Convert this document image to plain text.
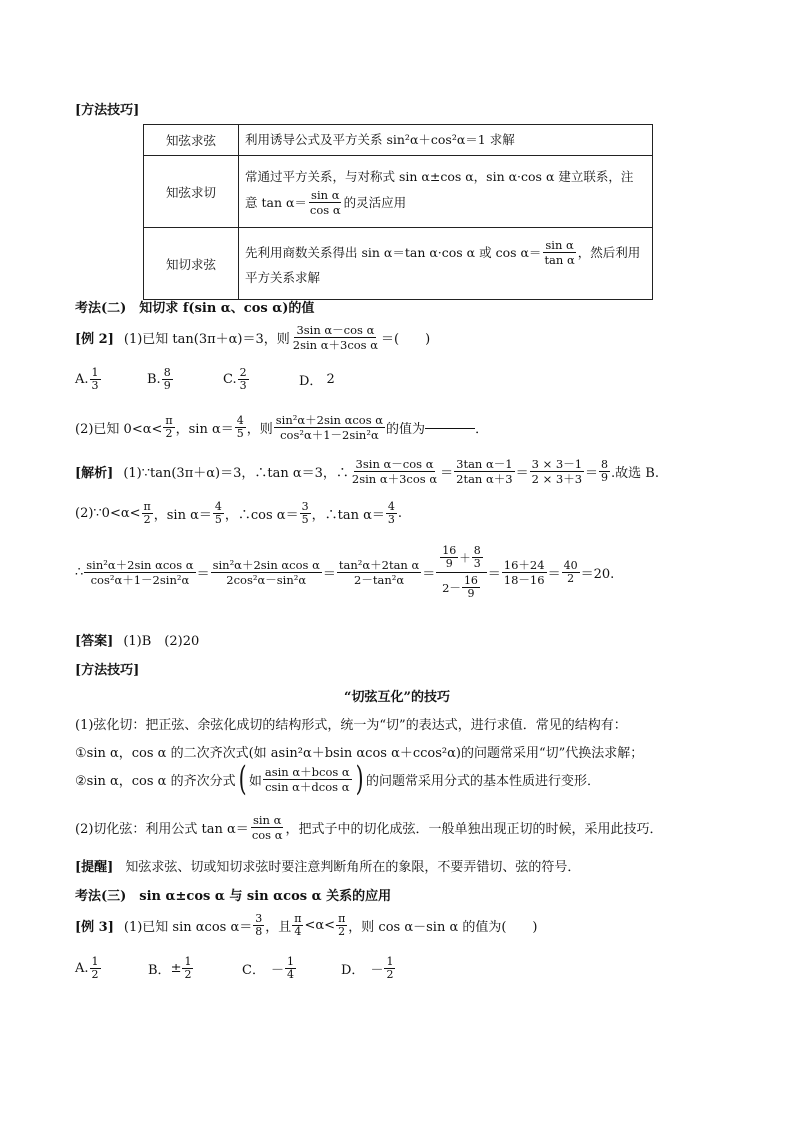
[方法技巧]
知弦求弦	利用诱导公式及平方关系 sin²α＋cos²α＝1 求解
知弦求切	常通过平方关系，与对称式 sin α±cos α，sin α·cos α 建立联系，注
意 $\tan \alpha= \frac{\text{sin α}}{\text{cos α}}$ 的灵活应用

知切求弦	先利用商数关系得出 sin α＝tan α·cos α 或 $\cos \alpha= \frac{\text{sin α}}{\text{tan α}}$ ，然后利用
平方关系求解
考法(二)　知切求 f(sin α、cos α)的值
[例 2] (1)已知 tan(3π＋α)＝3，则 $\frac{\text{3sin α－cos α}}{\text{2sin α＋3cos α}}$ ＝(　　)
A. $\frac{1}{3}$	B. $\frac{8}{9}$	C. $\frac{2}{3}$	D． 2
(2)已知 $0<\alpha< \frac{\pi}{2}$ ，$\sin \alpha= \frac{4}{5}$ ，则 $\frac{\text{sin²α＋2sin αcos α}}{\text{cos²α＋1－2sin²α}}$ 的值为	．
[解析] (1)∵tan(3π＋α)＝3，∴tan α＝3，∴ $\frac{\text{3sin α－cos α}}{\text{2sin α＋3cos α}} = \frac{\text{3tan α－1}}{\text{2tan α＋3}} = \frac{3 \times 3-1}{2 \times 3+3} = \frac{8}{9}$ .故选 B.
(2)∵0<α< $\frac{\pi}{2}$ ，$\sin \alpha= \frac{4}{5}$ ，∴cos $\alpha= \frac{3}{5}$ ，∴tan $\alpha= \frac{4}{3}$ .
∴ $\frac{\text{sin²α＋2sin αcos α}}{\text{cos²α＋1－2sin²α}} = \frac{\text{sin²α＋2sin αcos α}}{\text{2cos²α－sin²α}} = \frac{\text{tan²α＋2tan α}}{\text{2－tan²α}} = \frac{\frac{16}{9} + \frac{8}{3}}{2- \frac{16}{9}} = \frac{16+24}{18-16} = \frac{40}{2} =20$.
[答案] (1)B　(2)20
[方法技巧]
“切弦互化”的技巧
(1)弦化切：把正弦、余弦化成切的结构形式，统一为“切”的表达式，进行求值．常见的结构有：
①sin α，cos α 的二次齐次式(如 asin²α＋bsin αcos α＋ccos²α)的问题常采用“切”代换法求解；
②sin α，cos α 的齐次分式 ( 如 $\frac{\text{asin α＋bcos α}}{\text{csin α＋dcos α}}$ ) 的问题常采用分式的基本性质进行变形．
(2)切化弦：利用公式 $\tan \alpha= \frac{\text{sin α}}{\text{cos α}}$ ，把式子中的切化成弦．一般单独出现正切的时候，采用此技巧．
[提醒] 知弦求弦、切或知切求弦时要注意判断角所在的象限，不要弄错切、弦的符号．
考法(三)　sin α±cos α 与 sin αcos α 关系的应用
[例 3] (1)已知 sin αcos $\alpha= \frac{3}{8}$ ，且 $\frac{\pi}{4} <\alpha< \frac{\pi}{2}$ ，则 cos α－sin α 的值为(　　)
A. $\frac{1}{2}$	B． ± $\frac{1}{2}$	C． － $\frac{1}{4}$	D． － $\frac{1}{2}$
